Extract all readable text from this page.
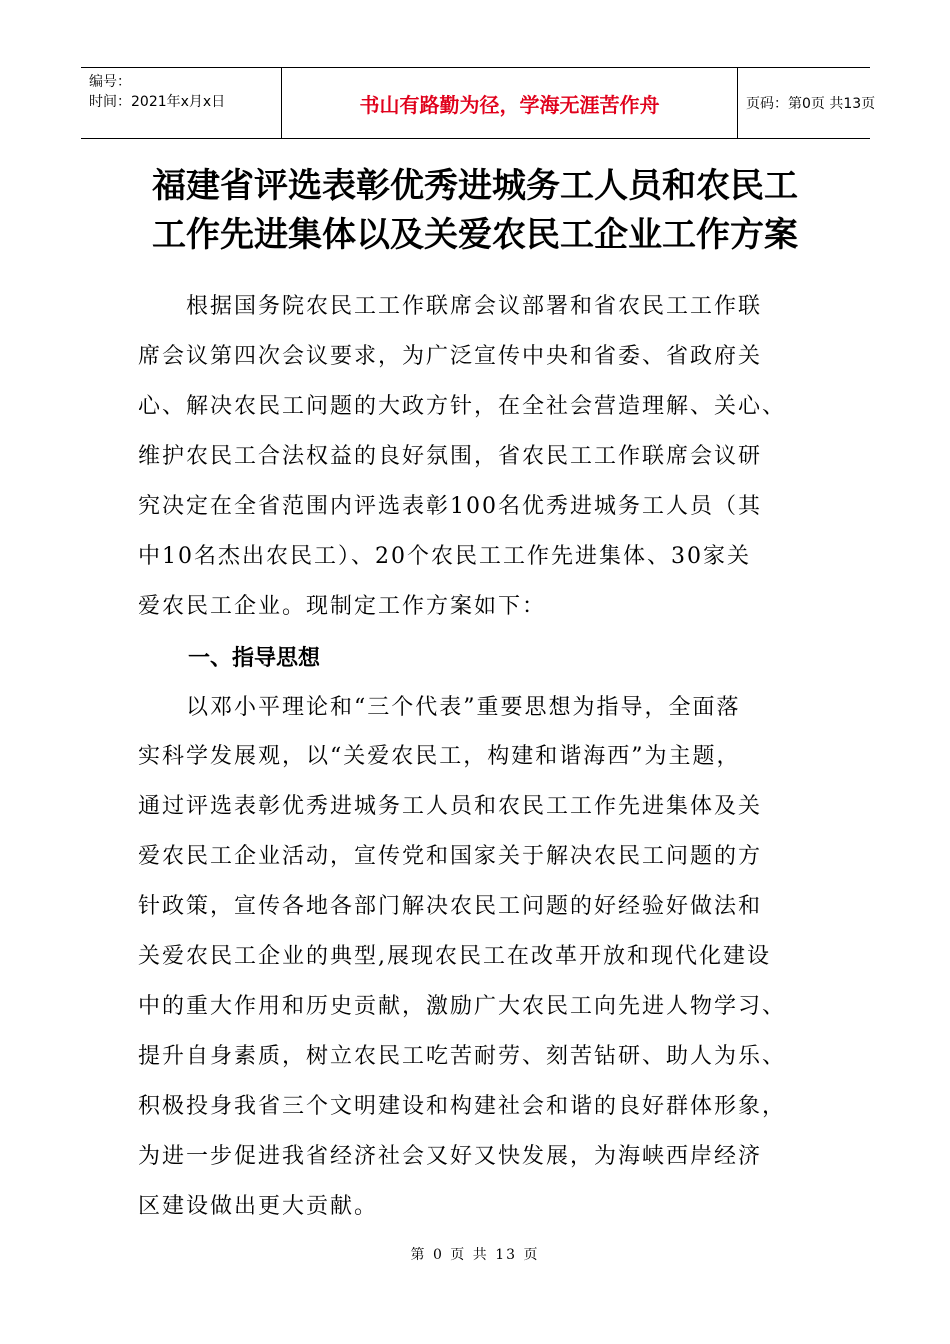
编号：
时间：2021年x月x日	书山有路勤为径，学海无涯苦作舟	页码：第0页 共13页
福建省评选表彰优秀进城务工人员和农民工
工作先进集体以及关爱农民工企业工作方案
　　根据国务院农民工工作联席会议部署和省农民工工作联
席会议第四次会议要求，为广泛宣传中央和省委、省政府关
心、解决农民工问题的大政方针，在全社会营造理解、关心、
维护农民工合法权益的良好氛围，省农民工工作联席会议研
究决定在全省范围内评选表彰100名优秀进城务工人员（其
中10名杰出农民工）、20个农民工工作先进集体、30家关
爱农民工企业。现制定工作方案如下：
一、指导思想
　　以邓小平理论和“三个代表”重要思想为指导，全面落
实科学发展观，以“关爱农民工，构建和谐海西”为主题，
通过评选表彰优秀进城务工人员和农民工工作先进集体及关
爱农民工企业活动，宣传党和国家关于解决农民工问题的方
针政策，宣传各地各部门解决农民工问题的好经验好做法和
关爱农民工企业的典型,展现农民工在改革开放和现代化建设
中的重大作用和历史贡献，激励广大农民工向先进人物学习、
提升自身素质，树立农民工吃苦耐劳、刻苦钻研、助人为乐、
积极投身我省三个文明建设和构建社会和谐的良好群体形象，
为进一步促进我省经济社会又好又快发展，为海峡西岸经济
区建设做出更大贡献。
第 0 页 共 13 页
